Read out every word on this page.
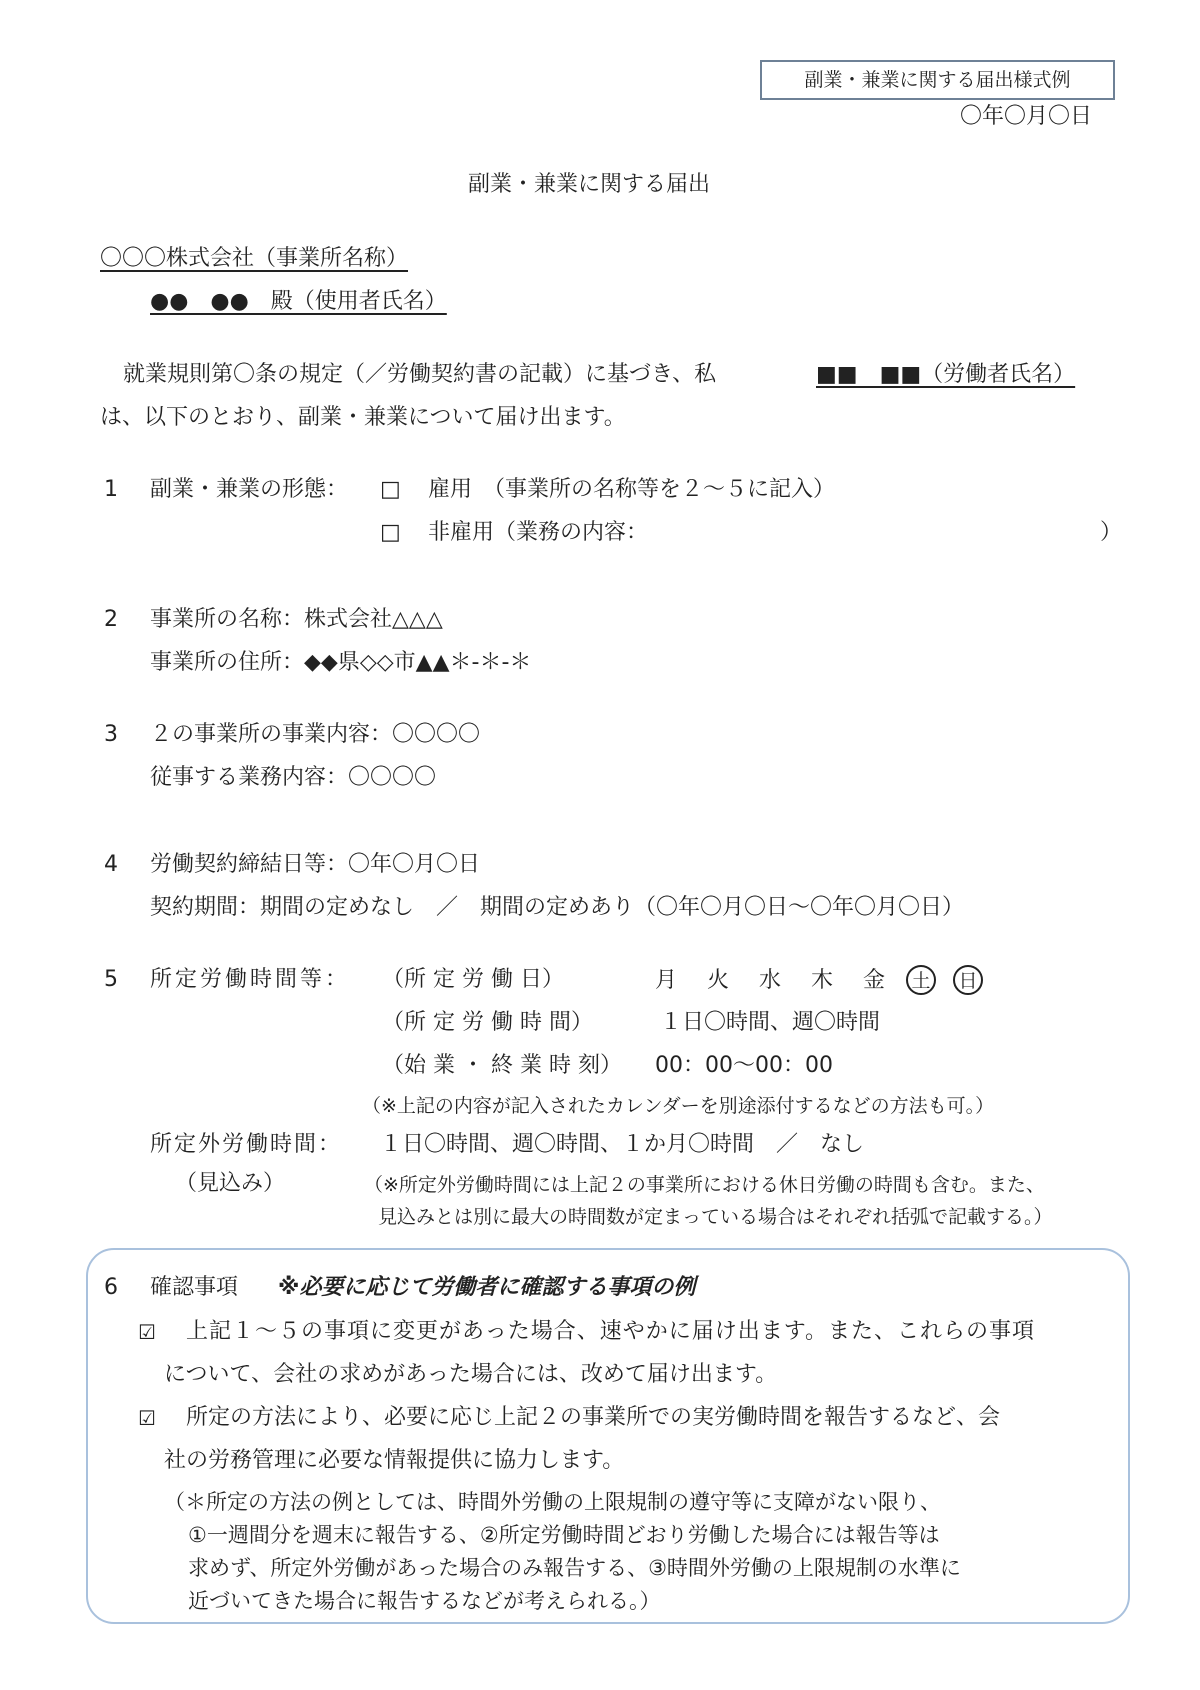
副業・兼業に関する届出様式例
〇年〇月〇日
副業・兼業に関する届出
〇〇〇株式会社（事業所名称）
●●　●●　殿（使用者氏名）
就業規則第〇条の規定（／労働契約書の記載）に基づき、私	■■　■■（労働者氏名）
は、以下のとおり、副業・兼業について届け出ます。
1 副業・兼業の形態： □ 雇用　（事業所の名称等を２～５に記入）
□ 非雇用（業務の内容：	）
2 事業所の名称：株式会社△△△
事業所の住所：◆◆県◇◇市▲▲＊-＊-＊
3 ２の事業所の事業内容：〇〇〇〇
従事する業務内容：〇〇〇〇
4 労働契約締結日等：〇年〇月〇日
契約期間：期間の定めなし　／　期間の定めあり（〇年〇月〇日～〇年〇月〇日）
5 所定労働時間等： （所 定 労 働 日）	月　火　水　木　金 土 日
（所 定 労 働 時 間）	１日〇時間、週〇時間
（始 業 ・ 終 業 時 刻） 00：00～00：00
（※上記の内容が記入されたカレンダーを別途添付するなどの方法も可。）
所定外労働時間： １日〇時間、週〇時間、１か月〇時間　／　なし
（見込み）	（※所定外労働時間には上記２の事業所における休日労働の時間も含む。また、
見込みとは別に最大の時間数が定まっている場合はそれぞれ括弧で記載する。）
6 確認事項 ※必要に応じて労働者に確認する事項の例
☑ 上記１～５の事項に変更があった場合、速やかに届け出ます。また、これらの事項
について、会社の求めがあった場合には、改めて届け出ます。
☑ 所定の方法により、必要に応じ上記２の事業所での実労働時間を報告するなど、会
社の労務管理に必要な情報提供に協力します。
（＊所定の方法の例としては、時間外労働の上限規制の遵守等に支障がない限り、
①一週間分を週末に報告する、②所定労働時間どおり労働した場合には報告等は
求めず、所定外労働があった場合のみ報告する、③時間外労働の上限規制の水準に
近づいてきた場合に報告するなどが考えられる。）
